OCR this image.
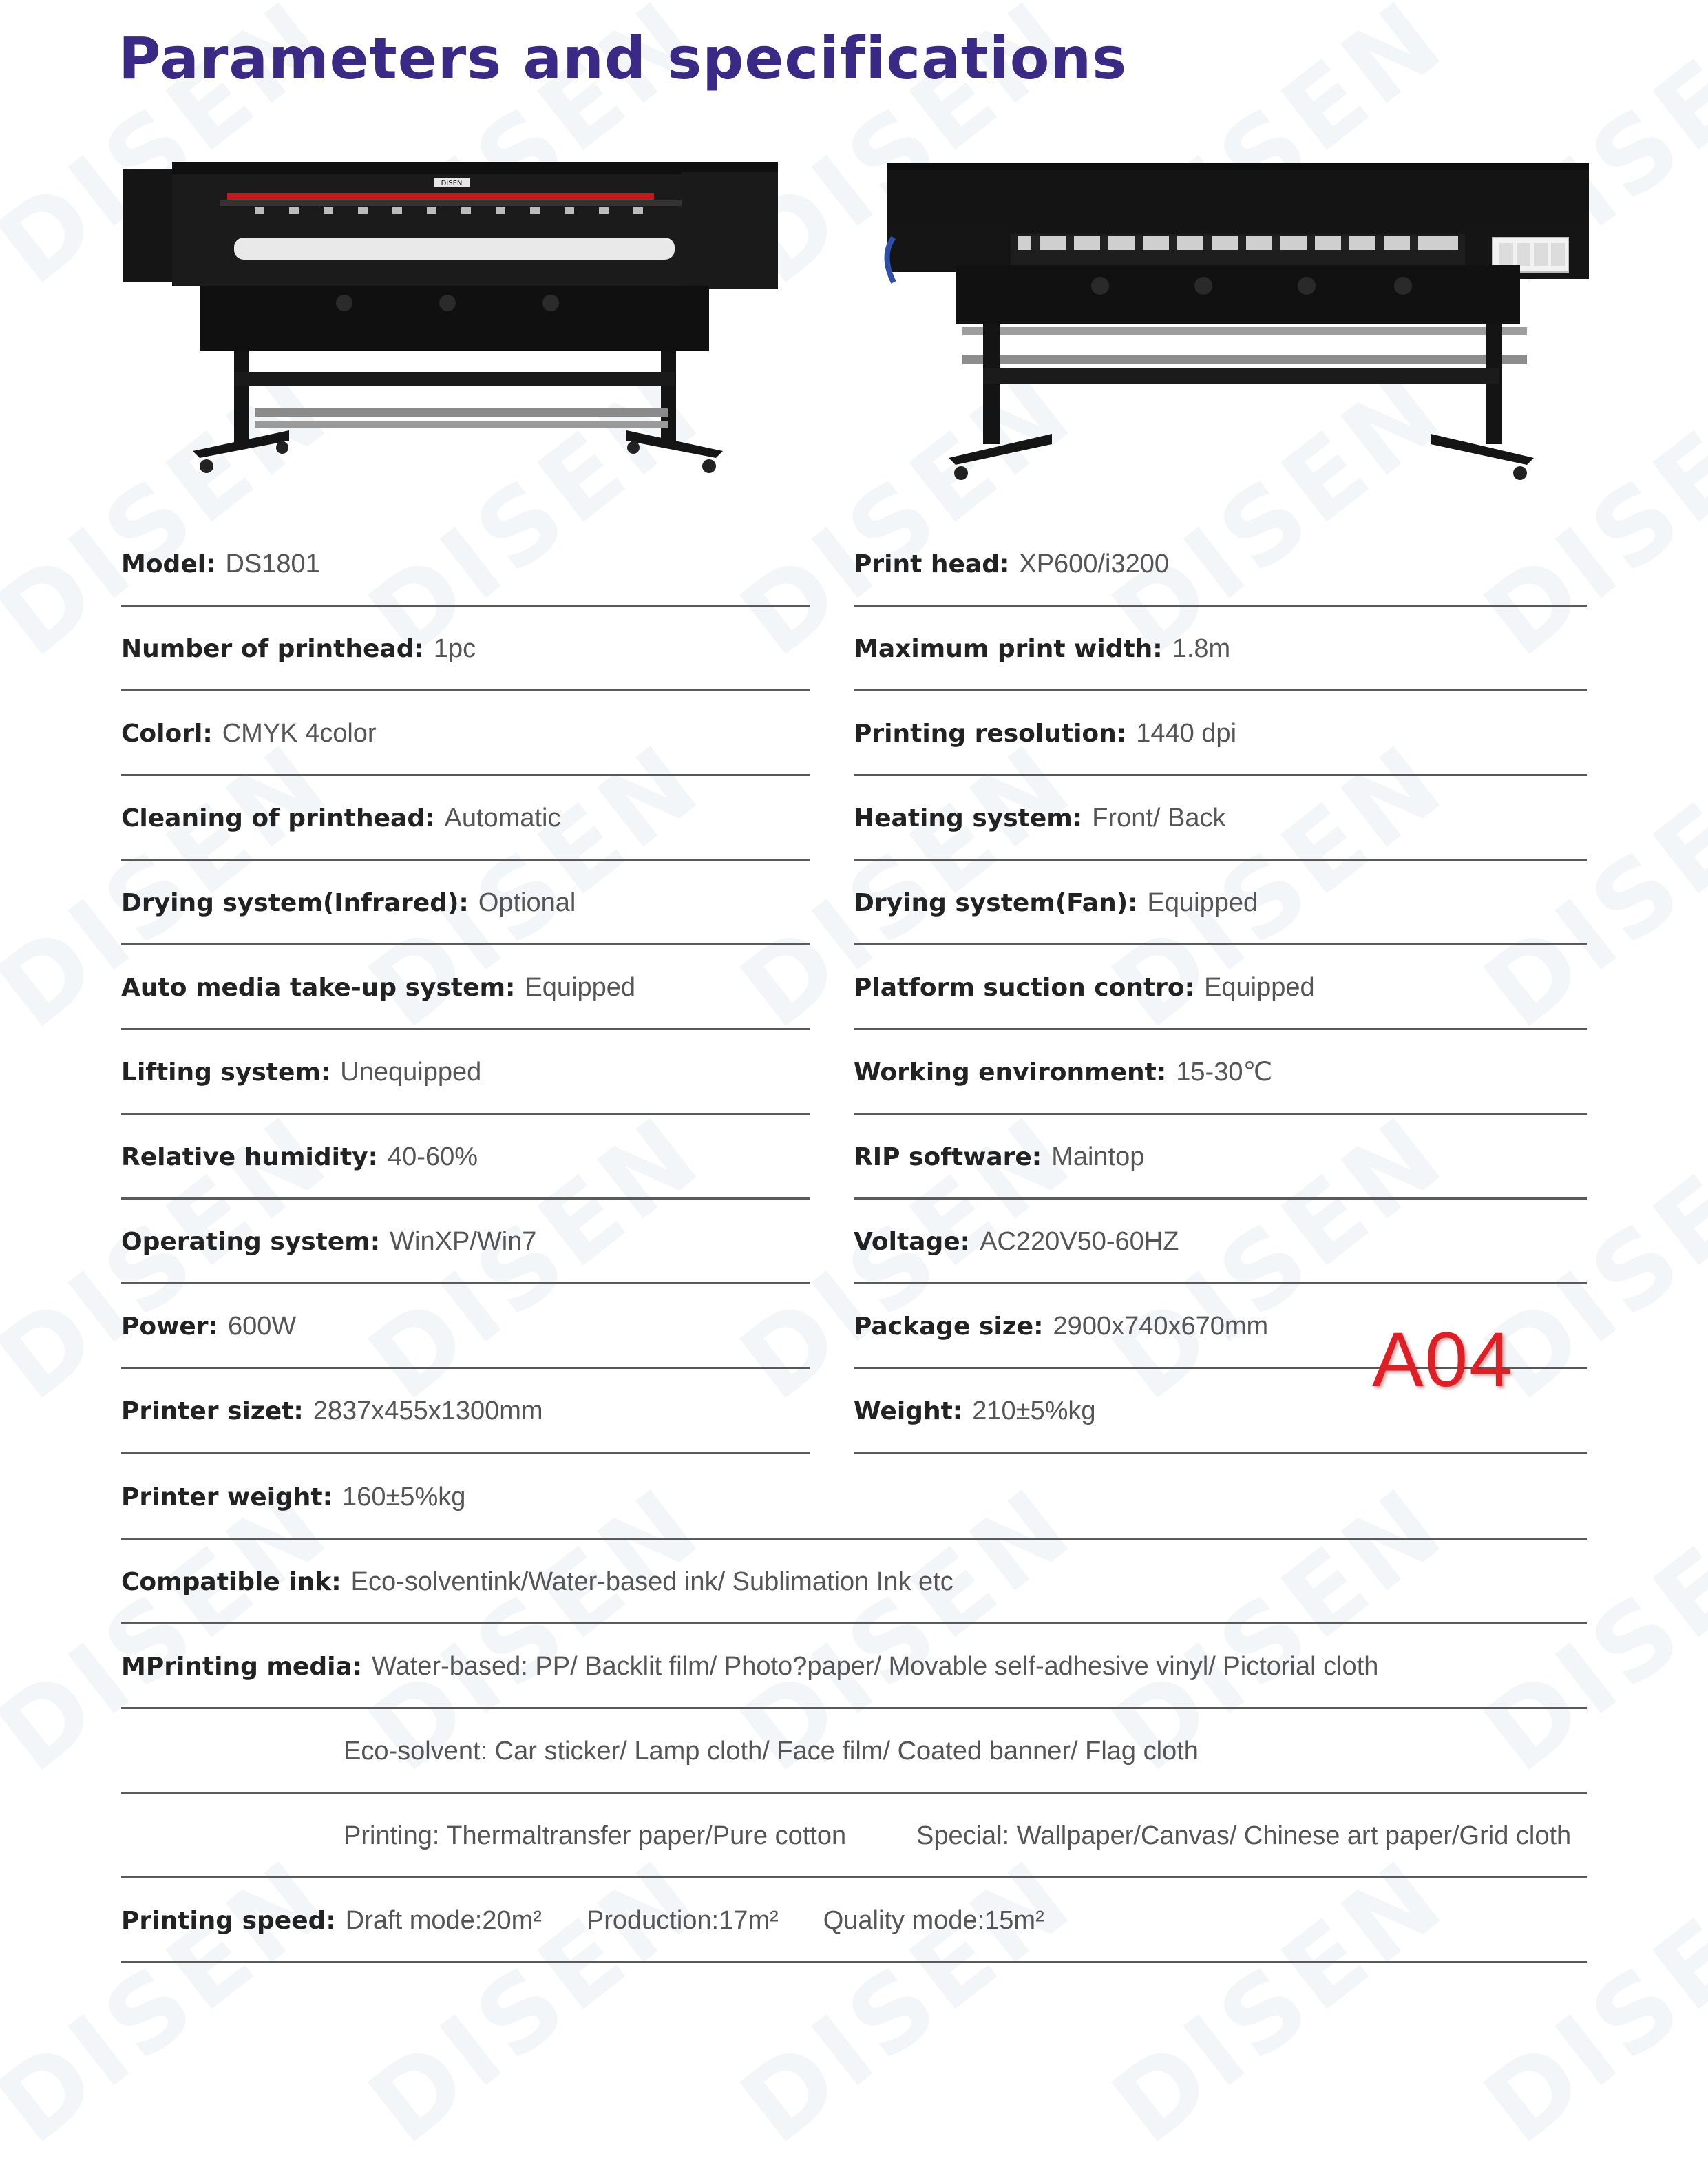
Parameters and specifications
DISEN
Model: DS1801	Print head: XP600/i3200
Number of printhead: 1pc	Maximum print width: 1.8m
Colorl: CMYK 4color	Printing resolution: 1440 dpi
Cleaning of printhead: Automatic	Heating system: Front/ Back
Drying system(Infrared): Optional	Drying system(Fan): Equipped
Auto media take-up system: Equipped	Platform suction contro: Equipped
Lifting system: Unequipped	Working environment: 15-30℃
Relative humidity: 40-60%	RIP software: Maintop
Operating system: WinXP/Win7	Voltage: AC220V50-60HZ
Power: 600W	Package size: 2900x740x670mm
Printer sizet: 2837x455x1300mm	Weight: 210±5%kg
Printer weight: 160±5%kg
Compatible ink: Eco-solventink/Water-based ink/ Sublimation Ink etc
MPrinting media: Water-based: PP/ Backlit film/ Photo?paper/ Movable self-adhesive vinyl/ Pictorial cloth
Eco-solvent: Car sticker/ Lamp cloth/ Face film/ Coated banner/ Flag cloth
Printing: Thermaltransfer paper/Pure cotton	Special: Wallpaper/Canvas/ Chinese art paper/Grid cloth
Printing speed: Draft mode:20m² Production:17m² Quality mode:15m²
A04
